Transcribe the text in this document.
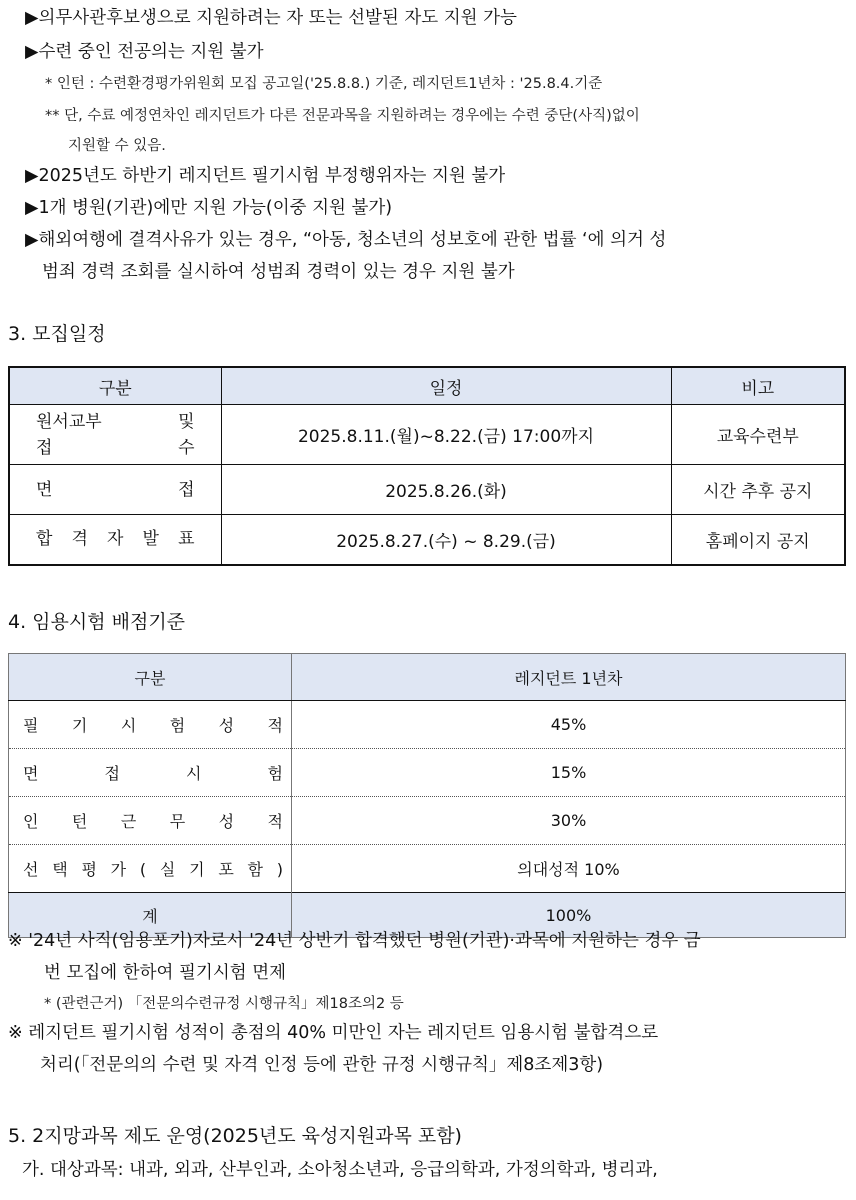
▶의무사관후보생으로 지원하려는 자 또는 선발된 자도 지원 가능
▶수련 중인 전공의는 지원 불가
* 인턴 : 수련환경평가위원회 모집 공고일('25.8.8.) 기준, 레지던트1년차 : '25.8.4.기준
** 단, 수료 예정연차인 레지던트가 다른 전문과목을 지원하려는 경우에는 수련 중단(사직)없이
지원할 수 있음.
▶2025년도 하반기 레지던트 필기시험 부정행위자는 지원 불가
▶1개 병원(기관)에만 지원 가능(이중 지원 불가)
▶해외여행에 결격사유가 있는 경우, “아동, 청소년의 성보호에 관한 법률 ‘에 의거 성
범죄 경력 조회를 실시하여 성범죄 경력이 있는 경우 지원 불가
3. 모집일정
구분	일정	비고

원서교부 및
접 수	2025.8.11.(월)~8.22.(금) 17:00까지	교육수련부
면 접	2025.8.26.(화)	시간 추후 공지
합 격 자 발 표	2025.8.27.(수) ~ 8.29.(금)	홈페이지 공지
4. 임용시험 배점기준
구분	레지던트 1년차
필 기 시 험 성 적	45%
면 접 시 험	15%
인 턴 근 무 성 적	30%
선 택 평 가 ( 실 기 포 함 )	의대성적 10%
계	100%
※ '24년 사직(임용포기)자로서 '24년 상반기 합격했던 병원(기관)·과목에 지원하는 경우 금
번 모집에 한하여 필기시험 면제
* (관련근거) 「전문의수련규정 시행규칙」제18조의2 등
※ 레지던트 필기시험 성적이 총점의 40% 미만인 자는 레지던트 임용시험 불합격으로
처리(「전문의의 수련 및 자격 인정 등에 관한 규정 시행규칙」제8조제3항)
5. 2지망과목 제도 운영(2025년도 육성지원과목 포함)
가. 대상과목: 내과, 외과, 산부인과, 소아청소년과, 응급의학과, 가정의학과, 병리과,
